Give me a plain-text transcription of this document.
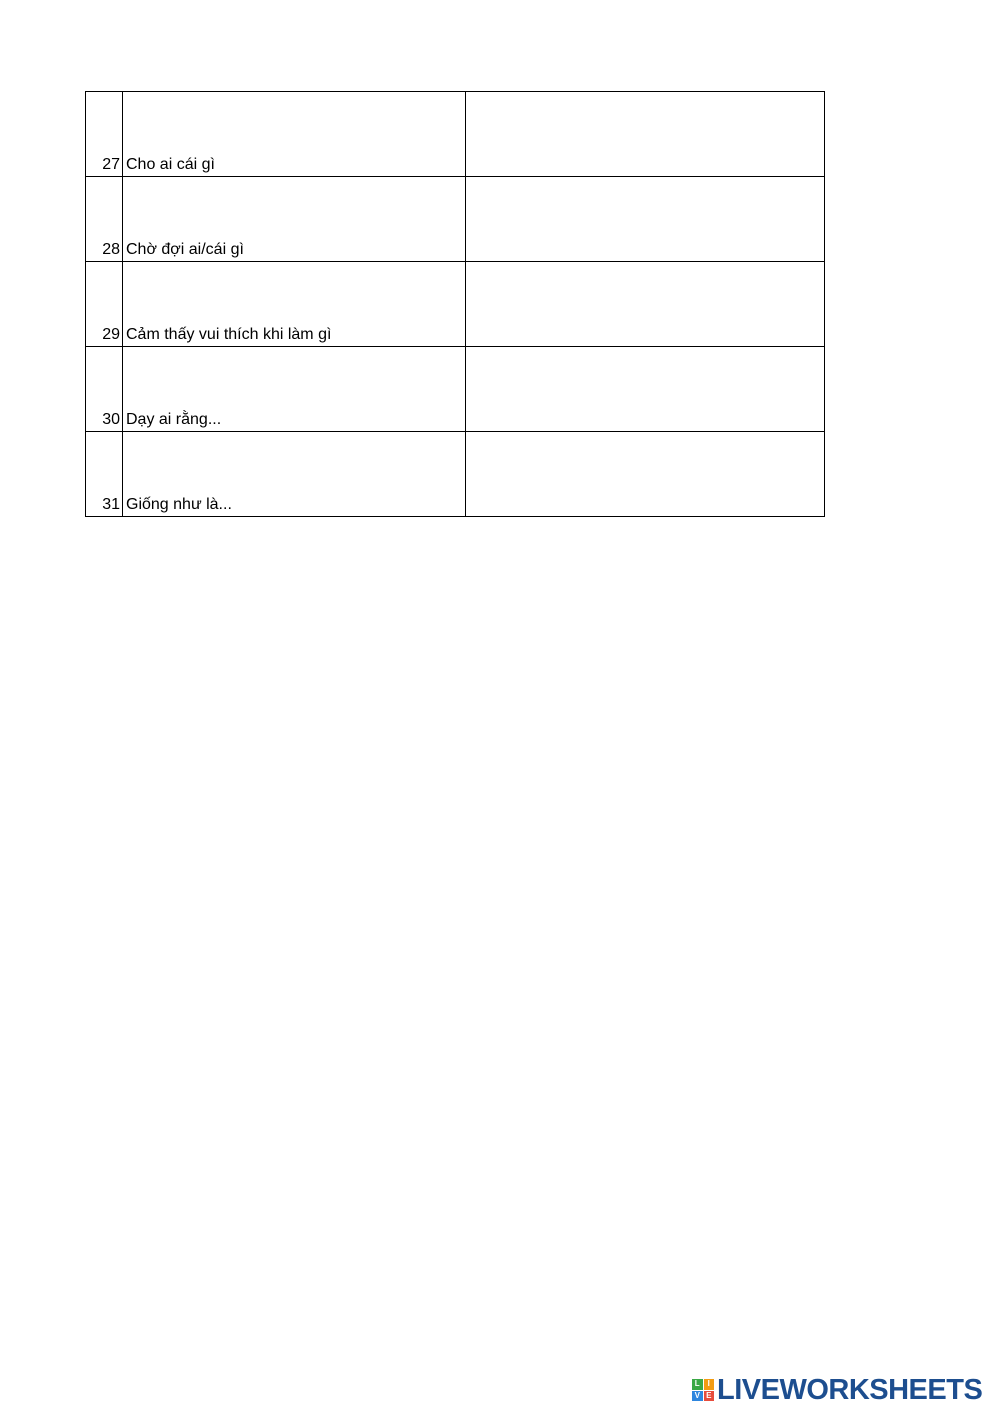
27	Cho ai cái gì	

28	Chờ đợi ai/cái gì	

29	Cảm thấy vui thích khi làm gì	

30	Dạy ai rằng...	

31	Giống như là...	
L I
V E LIVEWORKSHEETS
